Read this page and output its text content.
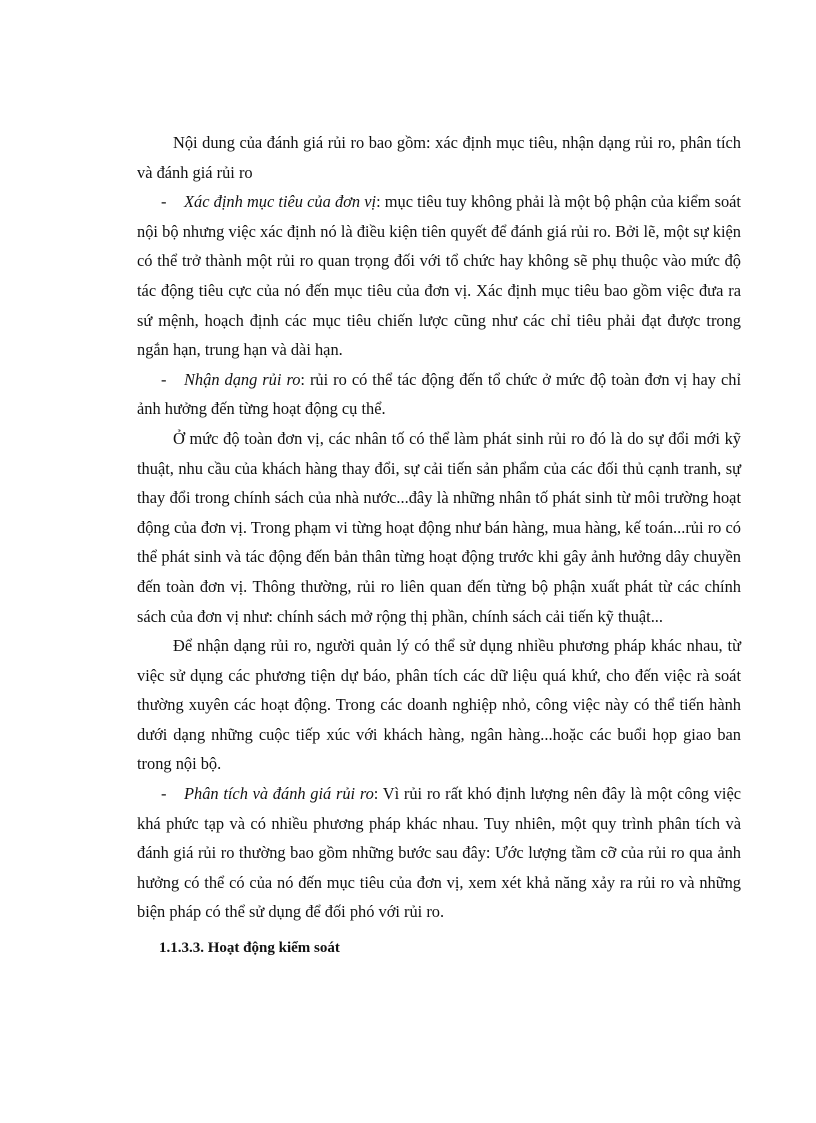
Nội dung của đánh giá rủi ro bao gồm: xác định mục tiêu, nhận dạng rủi ro, phân tích và đánh giá rủi ro

- Xác định mục tiêu của đơn vị: mục tiêu tuy không phải là một bộ phận của kiểm soát nội bộ nhưng việc xác định nó là điều kiện tiên quyết để đánh giá rủi ro. Bởi lẽ, một sự kiện có thể trở thành một rủi ro quan trọng đối với tổ chức hay không sẽ phụ thuộc vào mức độ tác động tiêu cực của nó đến mục tiêu của đơn vị. Xác định mục tiêu bao gồm việc đưa ra sứ mệnh, hoạch định các mục tiêu chiến lược cũng như các chỉ tiêu phải đạt được trong ngắn hạn, trung hạn và dài hạn.

- Nhận dạng rủi ro: rủi ro có thể tác động đến tổ chức ở mức độ toàn đơn vị hay chỉ ảnh hưởng đến từng hoạt động cụ thể.

Ở mức độ toàn đơn vị, các nhân tố có thể làm phát sinh rủi ro đó là do sự đổi mới kỹ thuật, nhu cầu của khách hàng thay đổi, sự cải tiến sản phẩm của các đối thủ cạnh tranh, sự thay đổi trong chính sách của nhà nước...đây là những nhân tố phát sinh từ môi trường hoạt động của đơn vị. Trong phạm vi từng hoạt động như bán hàng, mua hàng, kế toán...rủi ro có thể phát sinh và tác động đến bản thân từng hoạt động trước khi gây ảnh hưởng dây chuyền đến toàn đơn vị. Thông thường, rủi ro liên quan đến từng bộ phận xuất phát từ các chính sách của đơn vị như: chính sách mở rộng thị phần, chính sách cải tiến kỹ thuật...

Để nhận dạng rủi ro, người quản lý có thể sử dụng nhiều phương pháp khác nhau, từ việc sử dụng các phương tiện dự báo, phân tích các dữ liệu quá khứ, cho đến việc rà soát thường xuyên các hoạt động. Trong các doanh nghiệp nhỏ, công việc này có thể tiến hành dưới dạng những cuộc tiếp xúc với khách hàng, ngân hàng...hoặc các buổi họp giao ban trong nội bộ.

- Phân tích và đánh giá rủi ro: Vì rủi ro rất khó định lượng nên đây là một công việc khá phức tạp và có nhiều phương pháp khác nhau. Tuy nhiên, một quy trình phân tích và đánh giá rủi ro thường bao gồm những bước sau đây: Ước lượng tầm cỡ của rủi ro qua ảnh hưởng có thể có của nó đến mục tiêu của đơn vị, xem xét khả năng xảy ra rủi ro và những biện pháp có thể sử dụng để đối phó với rủi ro.

1.1.3.3. Hoạt động kiểm soát
